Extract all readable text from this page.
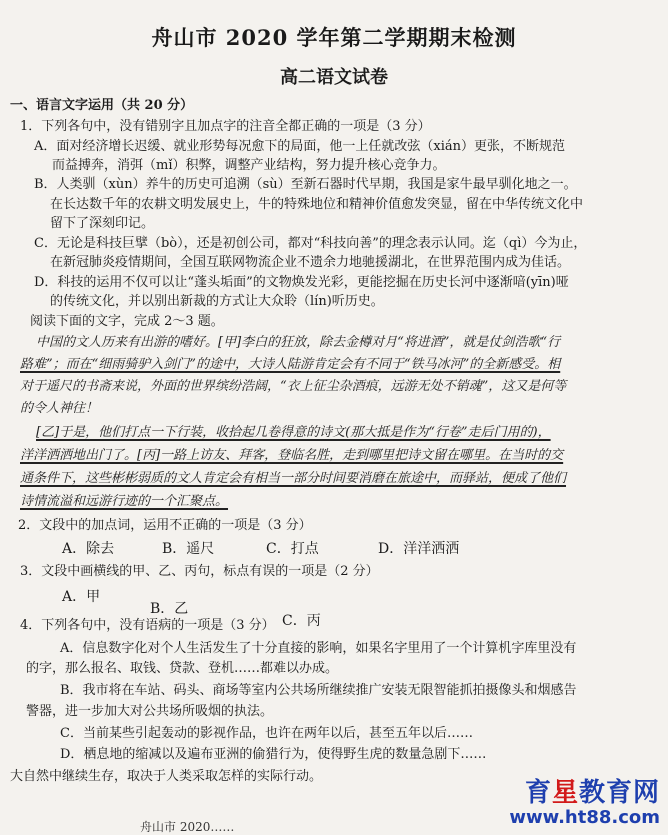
舟山市 2020 学年第二学期期末检测
高二语文试卷
一、语言文字运用（共 20 分）
1．下列各句中，没有错别字且加点字的注音全都正确的一项是（3 分）
A．面对经济增长迟缓、就业形势每况愈下的局面，他一上任就改弦（xián）更张，不断规范
而益搏奔，消弭（mǐ）积弊，调整产业结构，努力提升核心竞争力。
B．人类驯（xùn）养牛的历史可追溯（sù）至新石器时代早期，我国是家牛最早驯化地之一。
在长达数千年的农耕文明发展史上，牛的特殊地位和精神价值愈发突显，留在中华传统文化中
留下了深刻印记。
C．无论是科技巨擘（bò），还是初创公司，都对“科技向善”的理念表示认同。迄（qì）今为止，
在新冠肺炎疫情期间，全国互联网物流企业不遗余力地驰援湖北，在世界范围内成为佳话。
D．科技的运用不仅可以让“蓬头垢面”的文物焕发光彩，更能挖掘在历史长河中逐渐喑(yīn)哑
的传统文化，并以别出新裁的方式让大众聆（lín)听历史。
阅读下面的文字，完成 2～3 题。
中国的文人历来有出游的嗜好。[甲]李白的狂放，除去金樽对月“将进酒”，就是仗剑浩歌“行
路难”；而在“细雨骑驴入剑门”的途中，大诗人陆游肯定会有不同于“铁马冰河”的全新感受。相
对于遥尺的书斋来说，外面的世界缤纷浩阔，“衣上征尘杂酒痕，远游无处不销魂”，这又是何等
的令人神往！
[乙]于是，他们打点一下行装，收拾起几卷得意的诗文(那大抵是作为“行卷”走后门用的)，
洋洋洒洒地出门了。[丙]一路上访友、拜客，登临名胜，走到哪里把诗文留在哪里。在当时的交
通条件下，这些彬彬弱质的文人肯定会有相当一部分时间要消磨在旅途中，而驿站，便成了他们
诗情流溢和远游行迹的一个汇聚点。
2．文段中的加点词，运用不正确的一项是（3 分）
A．除去	B．遥尺	C．打点	D．洋洋洒洒
3．文段中画横线的甲、乙、丙句，标点有误的一项是（2 分）
A．甲
B．乙
C．丙
4．下列各句中，没有语病的一项是（3 分）
A．信息数字化对个人生活发生了十分直接的影响，如果名字里用了一个计算机字库里没有
的字，那么报名、取钱、贷款、登机……都难以办成。
B．我市将在车站、码头、商场等室内公共场所继续推广安装无限智能抓拍摄像头和烟感告
警器，进一步加大对公共场所吸烟的执法。
C．当前某些引起轰动的影视作品，也许在两年以后，甚至五年以后……
D．栖息地的缩减以及遍布亚洲的偷猎行为，使得野生虎的数量急剧下……
大自然中继续生存，取决于人类采取怎样的实际行动。
舟山市 2020……
育星教育网
www.ht88.com
